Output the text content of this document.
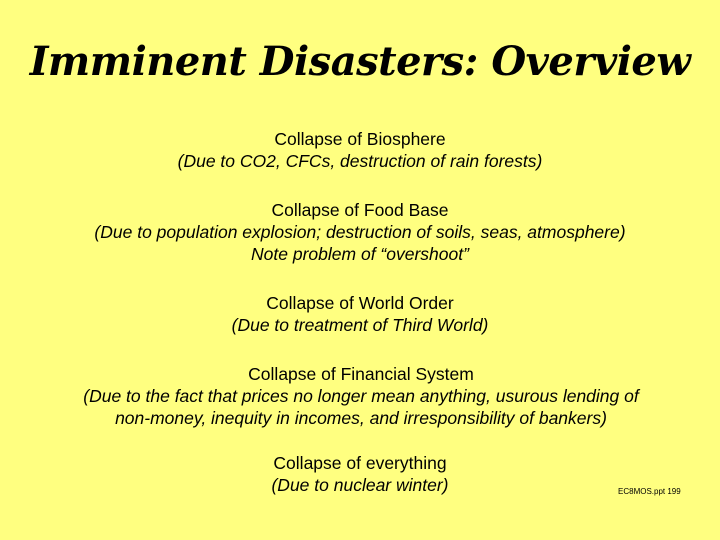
Imminent Disasters: Overview
Collapse of Biosphere
(Due to CO2, CFCs, destruction of rain forests)
Collapse of Food Base
(Due to population explosion; destruction of soils, seas, atmosphere)
Note problem of “overshoot”
Collapse of World Order
(Due to treatment of Third World)
Collapse of Financial System
(Due to the fact that prices no longer mean anything, usurous lending of
non-money, inequity in incomes, and irresponsibility of bankers)
Collapse of everything
(Due to nuclear winter)	EC8MOS.ppt 199
